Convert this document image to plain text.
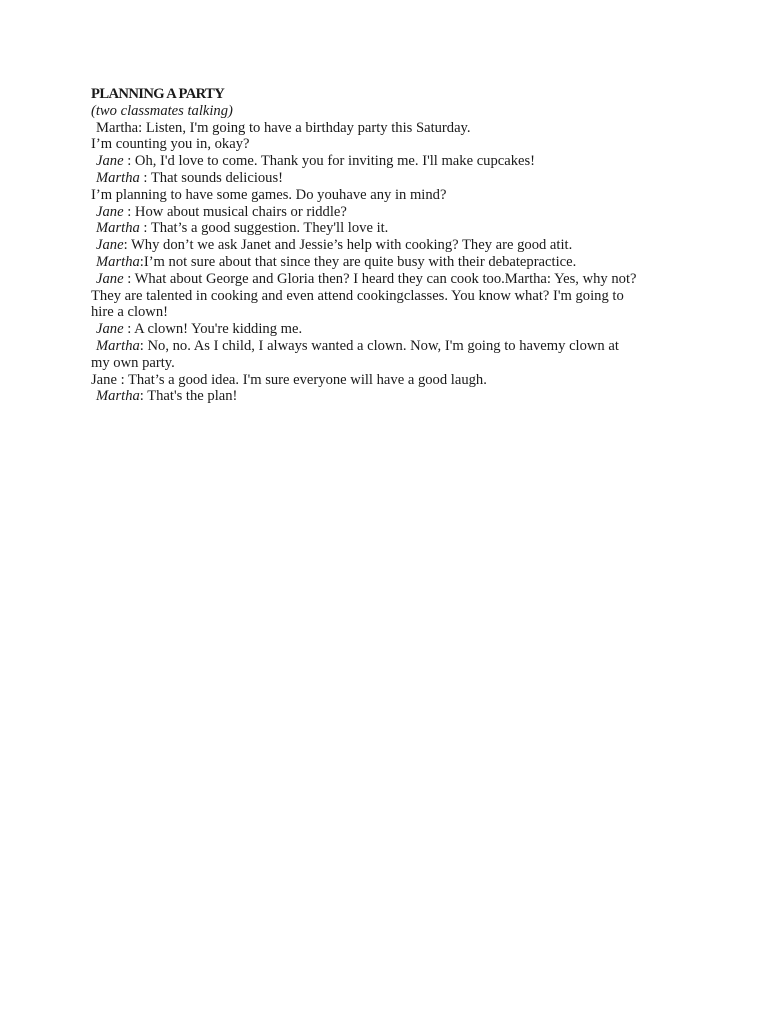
PLANNING A PARTY

(two classmates talking)

Martha: Listen, I'm going to have a birthday party this Saturday.

I’m counting you in, okay?

Jane : Oh, I'd love to come. Thank you for inviting me. I'll make cupcakes!

Martha : That sounds delicious!

I’m planning to have some games. Do youhave any in mind?

Jane : How about musical chairs or riddle?

Martha : That’s a good suggestion. They'll love it.

Jane: Why don’t we ask Janet and Jessie’s help with cooking? They are good atit.

Martha:I’m not sure about that since they are quite busy with their debatepractice.

Jane : What about George and Gloria then? I heard they can cook too.Martha: Yes, why not?

They are talented in cooking and even attend cookingclasses. You know what? I'm going to

hire a clown!

Jane : A clown! You're kidding me.

Martha: No, no. As I child, I always wanted a clown. Now, I'm going to havemy clown at

my own party.

Jane : That’s a good idea. I'm sure everyone will have a good laugh.

Martha: That's the plan!
